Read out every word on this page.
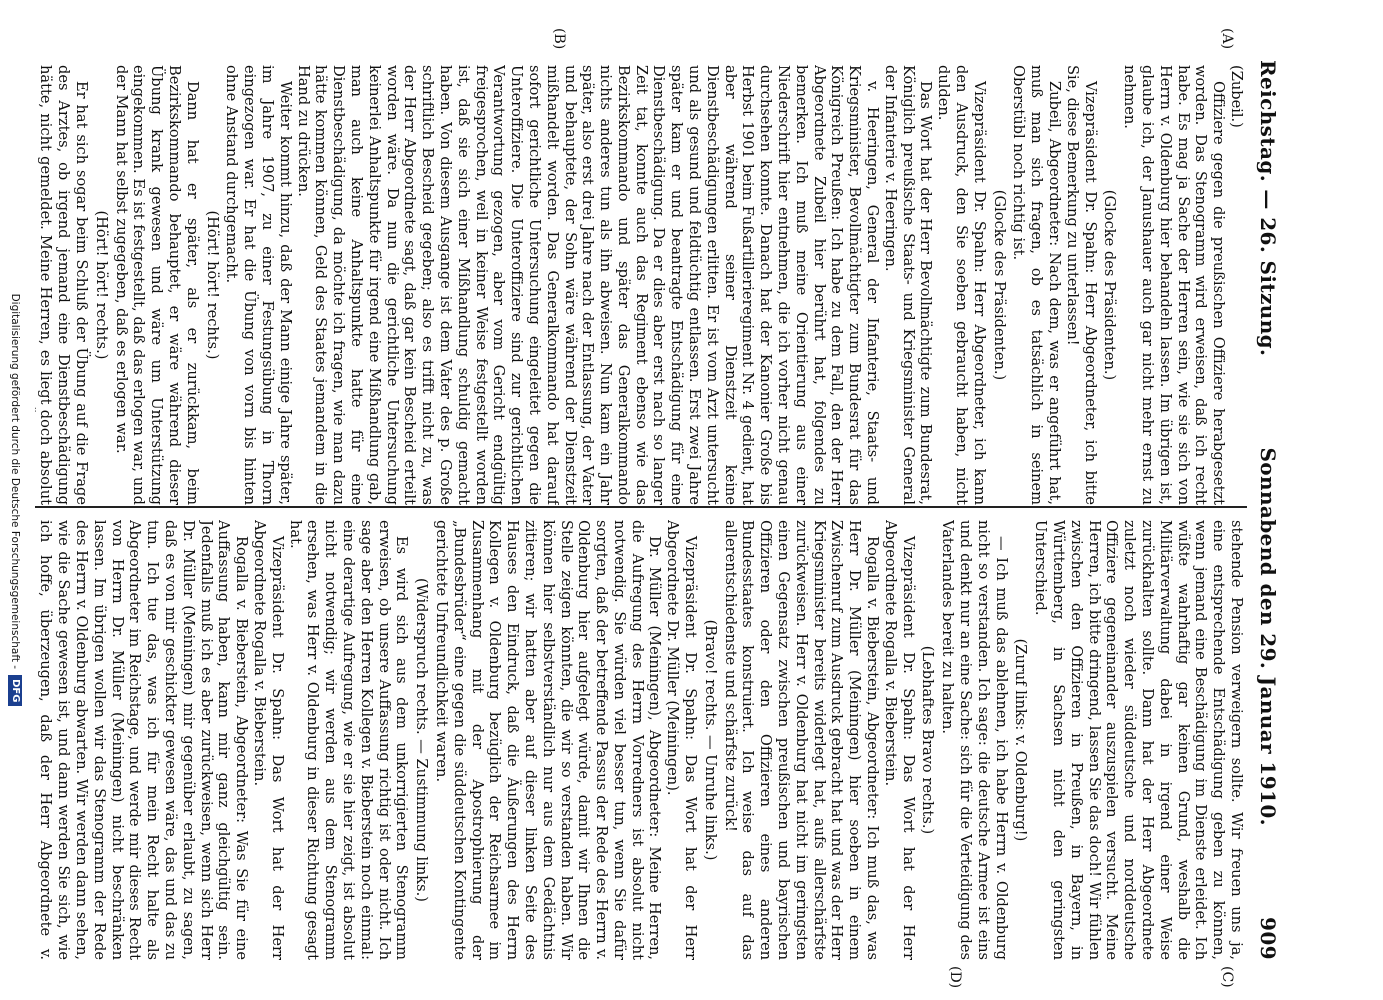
Reichstag. — 26. Sitzung.
Sonnabend den 29. Januar 1910.
909
(A)
(B)
(C)
(D)

(Zubeil.)

Offiziere gegen die preußischen Offiziere herabgesetzt worden. Das Stenogramm wird erweisen, daß ich recht habe. Es mag ja Sache der Herren sein, wie sie sich von Herrn v. Oldenburg hier behandeln lassen. Im übrigen ist, glaube ich, der Janushauer auch gar nicht mehr ernst zu nehmen.

(Glocke des Präsidenten.)

Vizepräsident Dr. Spahn: Herr Abgeordneter, ich bitte Sie, diese Bemerkung zu unterlassen!

Zubeil, Abgeordneter: Nach dem, was er angeführt hat, muß man sich fragen, ob es tatsächlich in seinem Oberstübl noch richtig ist.

(Glocke des Präsidenten.)

Vizepräsident Dr. Spahn: Herr Abgeordneter, ich kann den Ausdruck, den Sie soeben gebraucht haben, nicht dulden.

Das Wort hat der Herr Bevollmächtigte zum Bundesrat, Königlich preußische Staats- und Kriegsminister General der Infanterie v. Heeringen.

v. Heeringen, General der Infanterie, Staats- und Kriegsminister, Bevollmächtigter zum Bundesrat für das Königreich Preußen: Ich habe zu dem Fall, den der Herr Abgeordnete Zubeil hier berührt hat, folgendes zu bemerken. Ich muß meine Orientierung aus einer Niederschrift hier entnehmen, die ich vorher nicht genau durchsehen konnte. Danach hat der Kanonier Große bis Herbst 1901 beim Fußartillerieregiment Nr. 4 gedient, hat aber während seiner Dienstzeit keine Dienstbeschädigungen erlitten. Er ist vom Arzt untersucht und als gesund und feldtüchtig entlassen. Erst zwei Jahre später kam er und beantragte Entschädigung für eine Dienstbeschädigung. Da er dies aber erst nach so langer Zeit tat, konnte auch das Regiment ebenso wie das Bezirkskommando und später das Generalkommando nichts anderes tun als ihn abweisen. Nun kam ein Jahr später, also erst drei Jahre nach der Entlassung, der Vater und behauptete, der Sohn wäre während der Dienstzeit mißhandelt worden. Das Generalkommando hat darauf sofort gerichtliche Untersuchung eingeleitet gegen die Unteroffiziere. Die Unteroffiziere sind zur gerichtlichen Verantwortung gezogen, aber vom Gericht endgültig freigesprochen, weil in keiner Weise festgestellt worden ist, daß sie sich einer Mißhandlung schuldig gemacht haben. Von diesem Ausgange ist dem Vater des p. Große schriftlich Bescheid gegeben; also es trifft nicht zu, was der Herr Abgeordnete sagt, daß gar kein Bescheid erteilt worden wäre. Da nun die gerichtliche Untersuchung keinerlei Anhaltspunkte für irgend eine Mißhandlung gab, man auch keine Anhaltspunkte hatte für eine Dienstbeschädigung, da möchte ich fragen, wie man dazu hätte kommen können, Geld des Staates jemandem in die Hand zu drücken.

Weiter kommt hinzu, daß der Mann einige Jahre später, im Jahre 1907, zu einer Festungsübung in Thorn eingezogen war. Er hat die Übung von vorn bis hinten ohne Anstand durchgemacht.

(Hört! hört! rechts.)

Dann hat er später, als er zurückkam, beim Bezirkskommando behauptet, er wäre während dieser Übung krank gewesen und wäre um Unterstützung eingekommen. Es ist festgestellt, daß das erlogen war, und der Mann hat selbst zugegeben, daß es erlogen war.

(Hört! hört! rechts.)

Er hat sich sogar beim Schluß der Übung auf die Frage des Arztes, ob irgend jemand eine Dienstbeschädigung hätte, nicht gemeldet. Meine Herren, es liegt doch absolut

stehende Pension verweigern sollte. Wir freuen uns ja, eine entsprechende Entschädigung geben zu können, wenn jemand eine Beschädigung im Dienste erleidet. Ich wüßte wahrhaftig gar keinen Grund, weshalb die Militärverwaltung dabei in irgend einer Weise zurückhalten sollte. Dann hat der Herr Abgeordnete zuletzt noch wieder süddeutsche und norddeutsche Offiziere gegeneinander auszuspielen versucht. Meine Herren, ich bitte dringend, lassen Sie das doch! Wir fühlen zwischen den Offizieren in Preußen, in Bayern, in Württemberg, in Sachsen nicht den geringsten Unterschied.

(Zuruf links: v. Oldenburg!)

— Ich muß das ablehnen, ich habe Herrn v. Oldenburg nicht so verstanden. Ich sage: die deutsche Armee ist eins und denkt nur an eine Sache: sich für die Verteidigung des Vaterlandes bereit zu halten.

(Lebhaftes Bravo rechts.)

Vizepräsident Dr. Spahn: Das Wort hat der Herr Abgeordnete Rogalla v. Bieberstein.

Rogalla v. Bieberstein, Abgeordneter: Ich muß das, was Herr Dr. Müller (Meiningen) hier soeben in einem Zwischenruf zum Ausdruck gebracht hat und was der Herr Kriegsminister bereits widerlegt hat, aufs allerschärfste zurückweisen. Herr v. Oldenburg hat nicht im geringsten einen Gegensatz zwischen preußischen und bayrischen Offizieren oder den Offizieren eines anderen Bundesstaates konstruiert. Ich weise das auf das allerentschiedenste und schärfste zurück!

(Bravo! rechts. — Unruhe links.)

Vizepräsident Dr. Spahn: Das Wort hat der Herr Abgeordnete Dr. Müller (Meiningen).

Dr. Müller (Meiningen), Abgeordneter: Meine Herren, die Aufregung des Herrn Vorredners ist absolut nicht notwendig. Sie würden viel besser tun, wenn Sie dafür sorgten, daß der betreffende Passus der Rede des Herrn v. Oldenburg hier aufgelegt würde, damit wir Ihnen die Stelle zeigen könnten, die wir so verstanden haben. Wir können hier selbstverständlich nur aus dem Gedächtnis zitieren; wir hatten aber auf dieser linken Seite des Hauses den Eindruck, daß die Äußerungen des Herrn Kollegen v. Oldenburg bezüglich der Reichsarmee im Zusammenhang mit der Apostrophierung der „Bundesbrüder“ eine gegen die süddeutschen Kontingente gerichtete Unfreundlichkeit waren.

(Widerspruch rechts. — Zustimmung links.)

Es wird sich aus dem unkorrigierten Stenogramm erweisen, ob unsere Auffassung richtig ist oder nicht. Ich sage aber den Herren Kollegen v. Bieberstein noch einmal: eine derartige Aufregung, wie er sie hier zeigt, ist absolut nicht notwendig; wir werden aus dem Stenogramm ersehen, was Herr v. Oldenburg in dieser Richtung gesagt hat.

Vizepräsident Dr. Spahn: Das Wort hat der Herr Abgeordnete Rogalla v. Bieberstein.

Rogalla v. Bieberstein, Abgeordneter: Was Sie für eine Auffassung haben, kann mir ganz gleichgültig sein. Jedenfalls muß ich es aber zurückweisen, wenn sich Herr Dr. Müller (Meiningen) mir gegenüber erlaubt, zu sagen, daß es von mir geschickter gewesen wäre, das und das zu tun. Ich tue das, was ich für mein Recht halte als Abgeordneter im Reichstage, und werde mir dieses Recht von Herrn Dr. Müller (Meiningen) nicht beschränken lassen. Im übrigen wollen wir das Stenogramm der Rede des Herrn v. Oldenburg abwarten. Wir werden dann sehen, wie die Sache gewesen ist, und dann werden Sie sich, wie ich hoffe, überzeugen, daß der Herr Abgeordnete v.

Digitalisierung gefördert durch die Deutsche Forschungsgemeinschaft -
DFG
